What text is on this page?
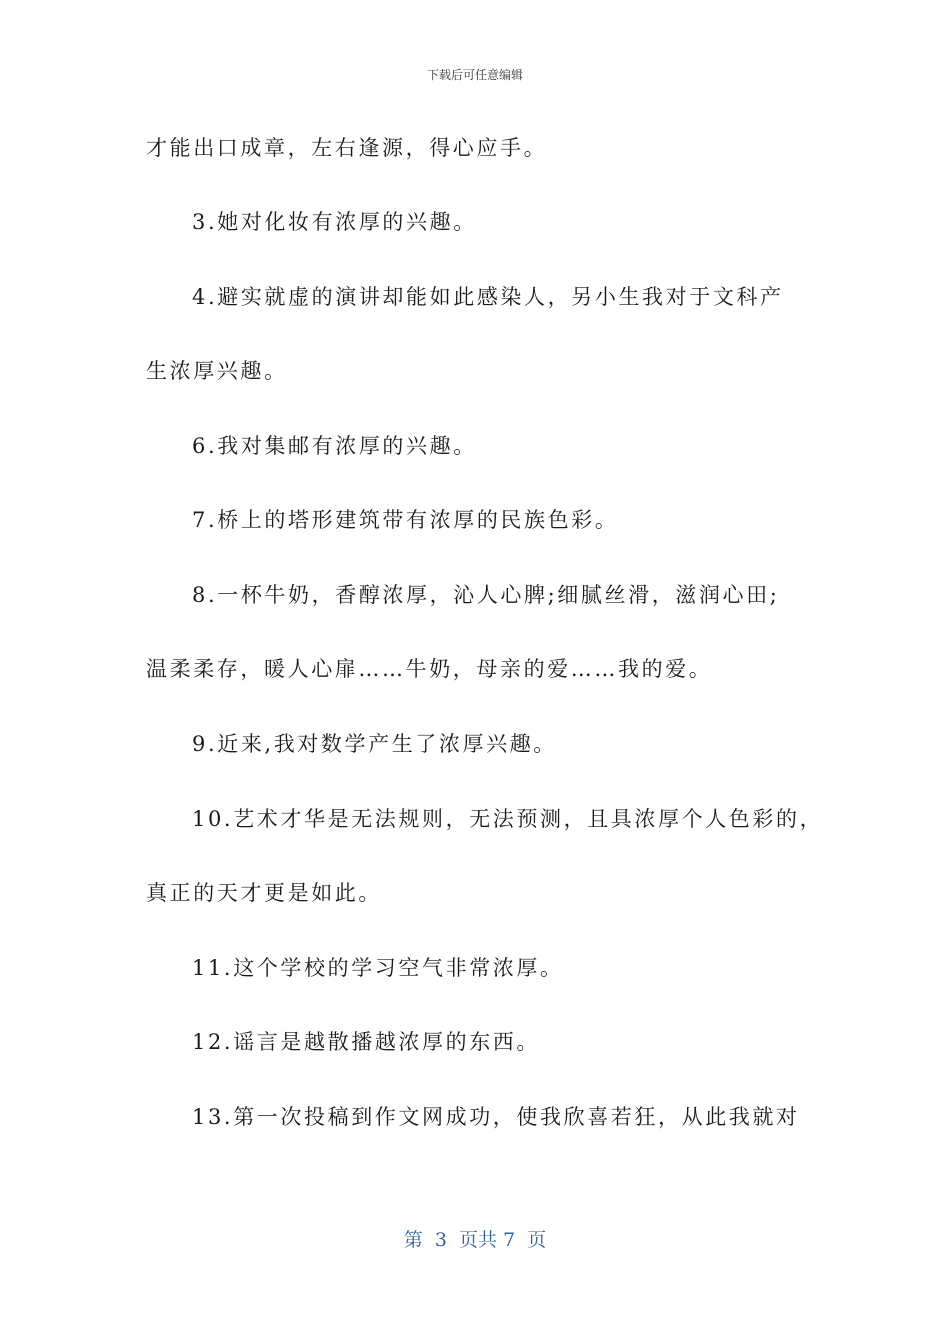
下载后可任意编辑
才能出口成章，左右逢源，得心应手。
3.她对化妆有浓厚的兴趣。
4.避实就虚的演讲却能如此感染人，另小生我对于文科产
生浓厚兴趣。
6.我对集邮有浓厚的兴趣。
7.桥上的塔形建筑带有浓厚的民族色彩。
8.一杯牛奶，香醇浓厚，沁人心脾;细腻丝滑，滋润心田;
温柔柔存，暖人心扉……牛奶，母亲的爱……我的爱。
9.近来,我对数学产生了浓厚兴趣。
10.艺术才华是无法规则，无法预测，且具浓厚个人色彩的，
真正的天才更是如此。
11.这个学校的学习空气非常浓厚。
12.谣言是越散播越浓厚的东西。
13.第一次投稿到作文网成功，使我欣喜若狂，从此我就对
第  3  页共 7  页
